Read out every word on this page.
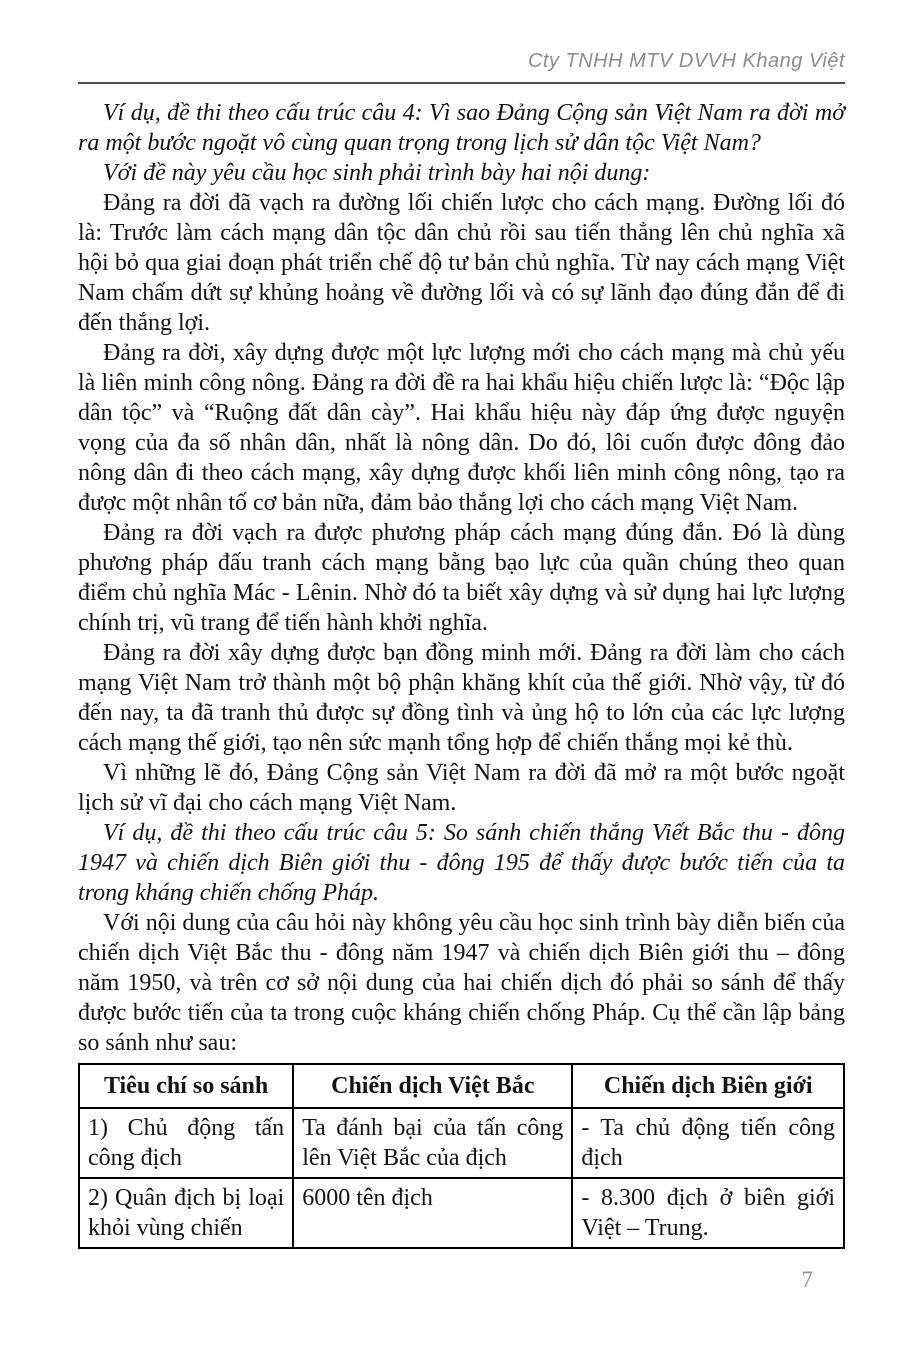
Cty TNHH MTV DVVH Khang Việt

Ví dụ, đề thi theo cấu trúc câu 4: Vì sao Đảng Cộng sản Việt Nam ra đời mở ra một bước ngoặt vô cùng quan trọng trong lịch sử dân tộc Việt Nam?

Với đề này yêu cầu học sinh phải trình bày hai nội dung:

Đảng ra đời đã vạch ra đường lối chiến lược cho cách mạng. Đường lối đó là: Trước làm cách mạng dân tộc dân chủ rồi sau tiến thẳng lên chủ nghĩa xã hội bỏ qua giai đoạn phát triển chế độ tư bản chủ nghĩa. Từ nay cách mạng Việt Nam chấm dứt sự khủng hoảng về đường lối và có sự lãnh đạo đúng đắn để đi đến thắng lợi.

Đảng ra đời, xây dựng được một lực lượng mới cho cách mạng mà chủ yếu là liên minh công nông. Đảng ra đời đề ra hai khẩu hiệu chiến lược là: “Độc lập dân tộc” và “Ruộng đất dân cày”. Hai khẩu hiệu này đáp ứng được nguyện vọng của đa số nhân dân, nhất là nông dân. Do đó, lôi cuốn được đông đảo nông dân đi theo cách mạng, xây dựng được khối liên minh công nông, tạo ra được một nhân tố cơ bản nữa, đảm bảo thắng lợi cho cách mạng Việt Nam.

Đảng ra đời vạch ra được phương pháp cách mạng đúng đắn. Đó là dùng phương pháp đấu tranh cách mạng bằng bạo lực của quần chúng theo quan điểm chủ nghĩa Mác - Lênin. Nhờ đó ta biết xây dựng và sử dụng hai lực lượng chính trị, vũ trang để tiến hành khởi nghĩa.

Đảng ra đời xây dựng được bạn đồng minh mới. Đảng ra đời làm cho cách mạng Việt Nam trở thành một bộ phận khăng khít của thế giới. Nhờ vậy, từ đó đến nay, ta đã tranh thủ được sự đồng tình và ủng hộ to lớn của các lực lượng cách mạng thế giới, tạo nên sức mạnh tổng hợp để chiến thắng mọi kẻ thù.

Vì những lẽ đó, Đảng Cộng sản Việt Nam ra đời đã mở ra một bước ngoặt lịch sử vĩ đại cho cách mạng Việt Nam.

Ví dụ, đề thi theo cấu trúc câu 5: So sánh chiến thắng Viết Bắc thu - đông 1947 và chiến dịch Biên giới thu - đông 195 để thấy được bước tiến của ta trong kháng chiến chống Pháp.

Với nội dung của câu hỏi này không yêu cầu học sinh trình bày diễn biến của chiến dịch Việt Bắc thu - đông năm 1947 và chiến dịch Biên giới thu – đông năm 1950, và trên cơ sở nội dung của hai chiến dịch đó phải so sánh để thấy được bước tiến của ta trong cuộc kháng chiến chống Pháp. Cụ thể cần lập bảng so sánh như sau:

Tiêu chí so sánh	Chiến dịch Việt Bắc	Chiến dịch Biên giới
1) Chủ động tấn công địch	Ta đánh bại của tấn công lên Việt Bắc của địch	- Ta chủ động tiến công địch
2) Quân địch bị loại khỏi vùng chiến	6000 tên địch	- 8.300 địch ở biên giới Việt – Trung.
7
